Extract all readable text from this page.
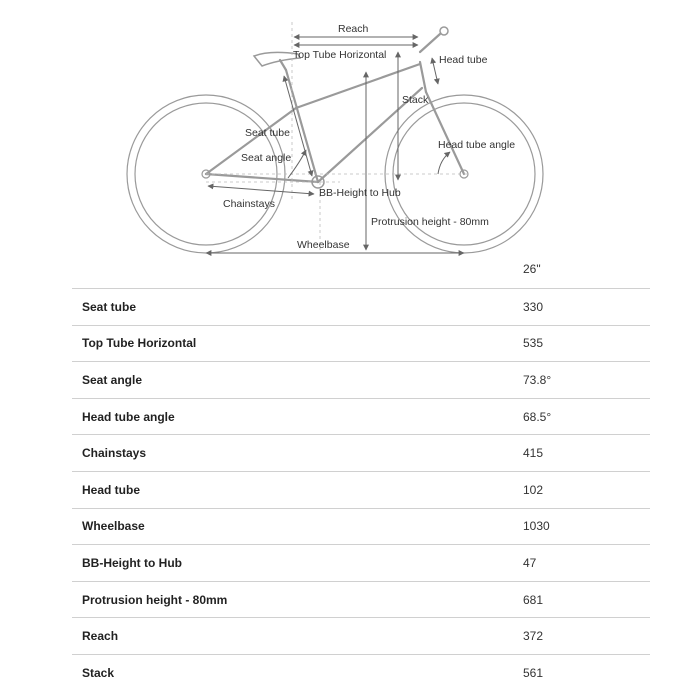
Reach
Top Tube Horizontal	Head tube
Stack
Seat tube
Seat angle
Head tube angle
BB-Height to Hub
Chainstays
Protrusion height - 80mm
Wheelbase
26"
Seat tube	330
Top Tube Horizontal	535
Seat angle	73.8°
Head tube angle	68.5°
Chainstays	415
Head tube	102
Wheelbase	1030
BB-Height to Hub	47
Protrusion height - 80mm	681
Reach	372
Stack	561
